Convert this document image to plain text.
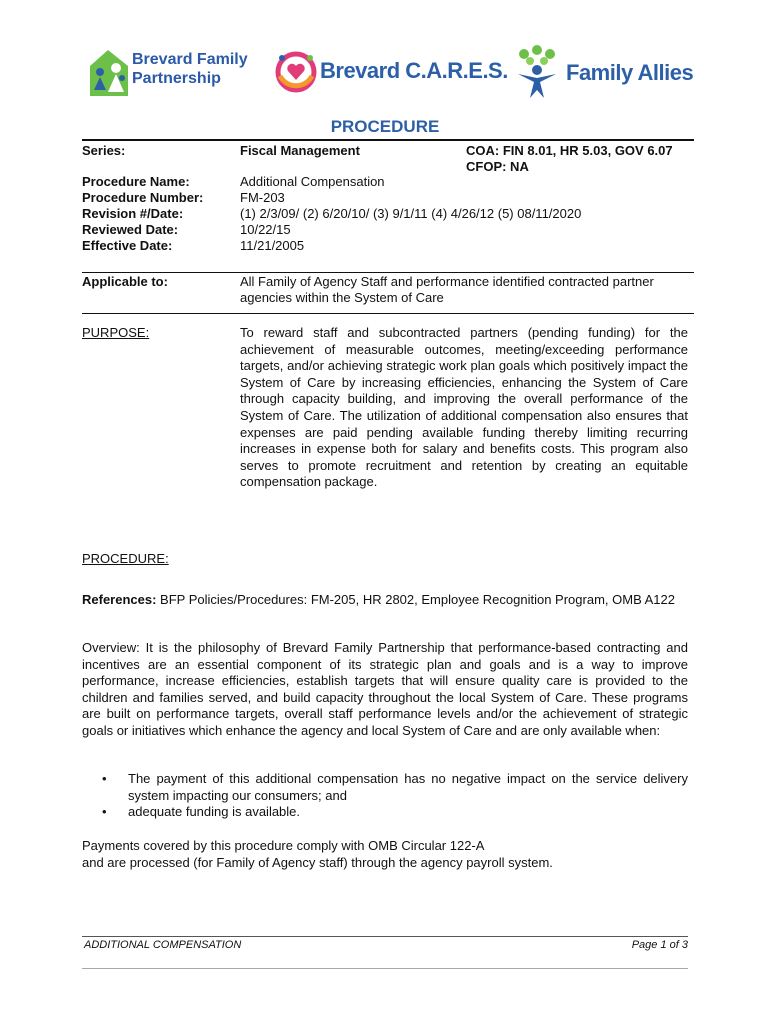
Brevard Family
Partnership	Brevard C.A.R.E.S.	Family Allies
PROCEDURE
Series:	Fiscal Management	COA: FIN 8.01, HR 5.03, GOV 6.07
CFOP: NA
Procedure Name:	Additional Compensation
Procedure Number:	FM-203
Revision #/Date:	(1) 2/3/09/ (2) 6/20/10/ (3) 9/1/11 (4) 4/26/12 (5) 08/11/2020
Reviewed Date:	10/22/15
Effective Date:	11/21/2005
Applicable to:	All Family of Agency Staff and performance identified contracted partner
agencies within the System of Care
PURPOSE:	To reward staff and subcontracted partners (pending funding) for the achievement of measurable outcomes, meeting/exceeding performance targets, and/or achieving strategic work plan goals which positively impact the System of Care by increasing efficiencies, enhancing the System of Care through capacity building, and improving the overall performance of the System of Care. The utilization of additional compensation also ensures that expenses are paid pending available funding thereby limiting recurring increases in expense both for salary and benefits costs. This program also serves to promote recruitment and retention by creating an equitable compensation package.
PROCEDURE:
References: BFP Policies/Procedures: FM-205, HR 2802, Employee Recognition Program, OMB A122
Overview: It is the philosophy of Brevard Family Partnership that performance-based contracting and incentives are an essential component of its strategic plan and goals and is a way to improve performance, increase efficiencies, establish targets that will ensure quality care is provided to the children and families served, and build capacity throughout the local System of Care. These programs are built on performance targets, overall staff performance levels and/or the achievement of strategic goals or initiatives which enhance the agency and local System of Care and are only available when:
• The payment of this additional compensation has no negative impact on the service delivery system impacting our consumers; and
• adequate funding is available.
Payments covered by this procedure comply with OMB Circular 122-A
and are processed (for Family of Agency staff) through the agency payroll system.
ADDITIONAL COMPENSATION	Page 1 of 3
